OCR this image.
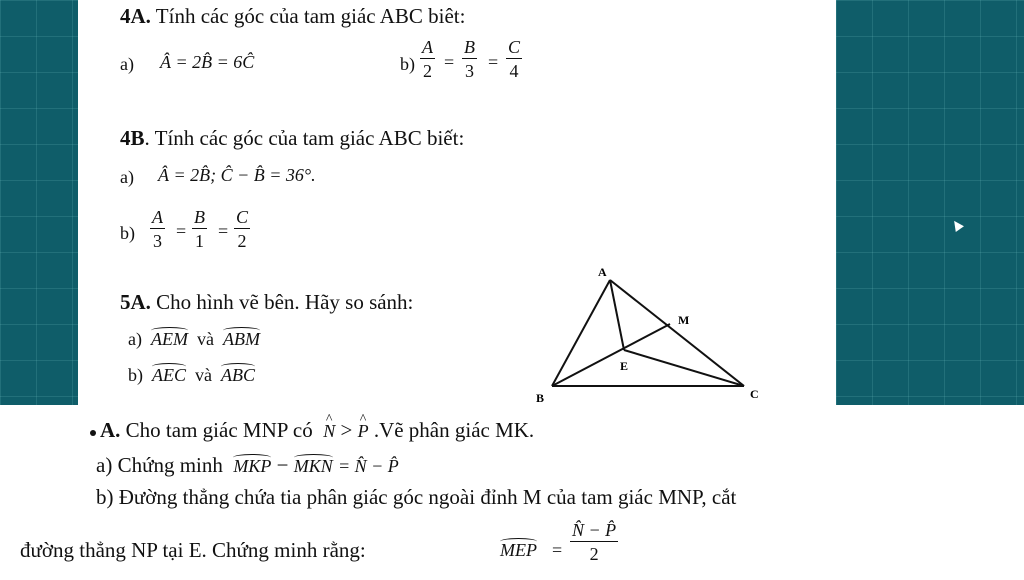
4A. Tính các góc của tam giác ABC biêt:
a) Â = 2B̂ = 6Ĉ	$b) \frac{A}{2} = \frac{B}{3} = \frac{C}{4}$
4B. Tính các góc của tam giác ABC biết:
a) Â = 2B̂; Ĉ − B̂ = 36°.
$b) \frac{A}{3} = \frac{B}{1} = \frac{C}{2}$
5A. Cho hình vẽ bên. Hãy so sánh:
a) AEM và ABM
b) AEC và ABC
A
M
E
B	C
A. Cho tam giác MNP có ^ N > ^ P .Vẽ phân giác MK.
a) Chứng minh MKP − MKN = N̂ − P̂
b) Đường thẳng chứa tia phân giác góc ngoài đỉnh M của tam giác MNP, cắt
đường thẳng NP tại E. Chứng minh rằng:	MEP = $\frac{N̂ - P̂}{2}$
